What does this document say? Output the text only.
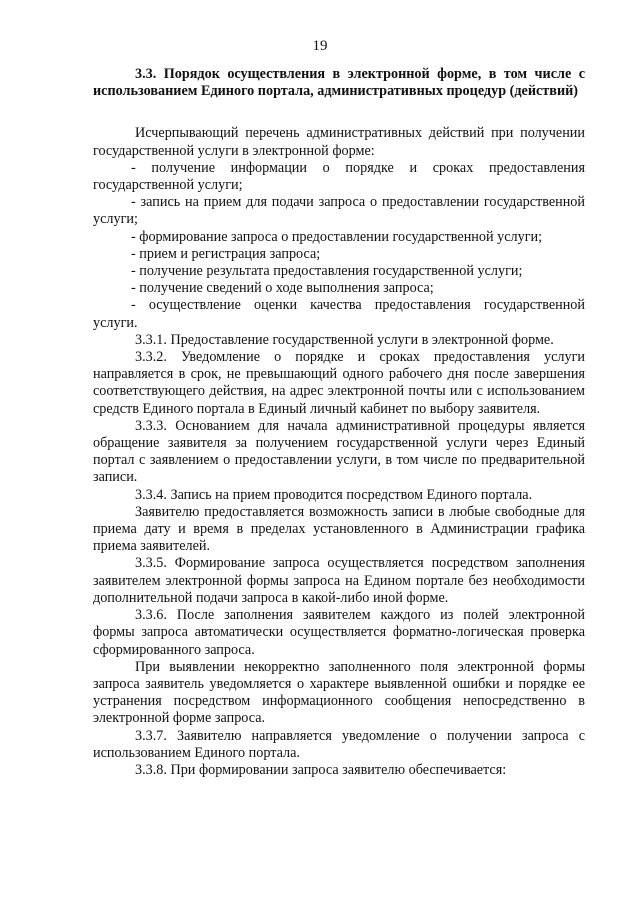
19

3.3. Порядок осуществления в электронной форме, в том числе с использованием Единого портала, административных процедур (действий)

Исчерпывающий перечень административных действий при получении государственной услуги в электронной форме:

- получение информации о порядке и сроках предоставления государственной услуги;

- запись на прием для подачи запроса о предоставлении государственной услуги;

- формирование запроса о предоставлении государственной услуги;

- прием и регистрация запроса;

- получение результата предоставления государственной услуги;

- получение сведений о ходе выполнения запроса;

- осуществление оценки качества предоставления государственной услуги.

3.3.1. Предоставление государственной услуги в электронной форме.

3.3.2. Уведомление о порядке и сроках предоставления услуги направляется в срок, не превышающий одного рабочего дня после завершения соответствующего действия, на адрес электронной почты или с использованием средств Единого портала в Единый личный кабинет по выбору заявителя.

3.3.3. Основанием для начала административной процедуры является обращение заявителя за получением государственной услуги через Единый портал с заявлением о предоставлении услуги, в том числе по предварительной записи.

3.3.4. Запись на прием проводится посредством Единого портала.

Заявителю предоставляется возможность записи в любые свободные для приема дату и время в пределах установленного в Администрации графика приема заявителей.

3.3.5. Формирование запроса осуществляется посредством заполнения заявителем электронной формы запроса на Едином портале без необходимости дополнительной подачи запроса в какой-либо иной форме.

3.3.6. После заполнения заявителем каждого из полей электронной формы запроса автоматически осуществляется форматно-логическая проверка сформированного запроса.

При выявлении некорректно заполненного поля электронной формы запроса заявитель уведомляется о характере выявленной ошибки и порядке ее устранения посредством информационного сообщения непосредственно в электронной форме запроса.

3.3.7. Заявителю направляется уведомление о получении запроса с использованием Единого портала.

3.3.8. При формировании запроса заявителю обеспечивается:
